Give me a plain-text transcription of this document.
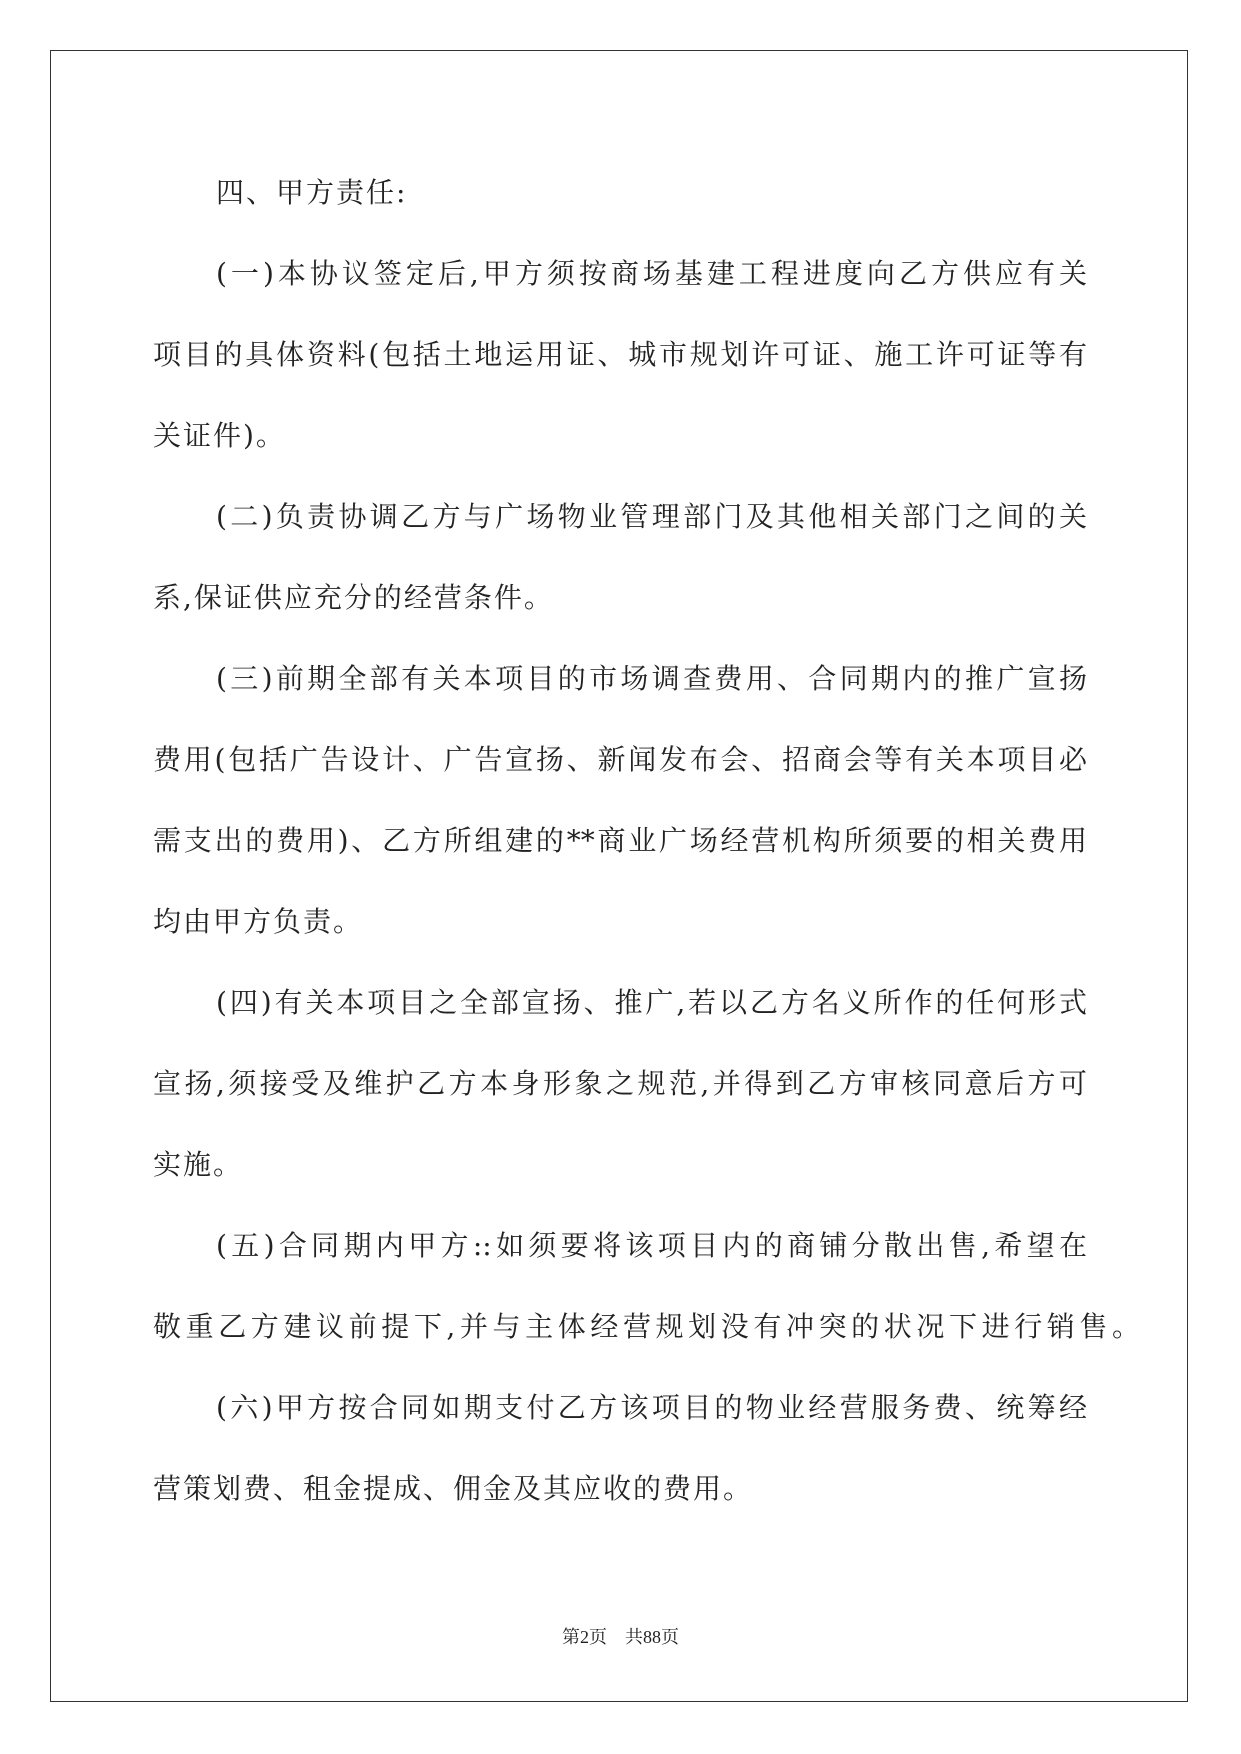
四、甲方责任:
(一)本协议签定后,甲方须按商场基建工程进度向乙方供应有关
项目的具体资料(包括土地运用证、城市规划许可证、施工许可证等有
关证件)。
(二)负责协调乙方与广场物业管理部门及其他相关部门之间的关
系,保证供应充分的经营条件。
(三)前期全部有关本项目的市场调查费用、合同期内的推广宣扬
费用(包括广告设计、广告宣扬、新闻发布会、招商会等有关本项目必
需支出的费用)、乙方所组建的**商业广场经营机构所须要的相关费用
均由甲方负责。
(四)有关本项目之全部宣扬、推广,若以乙方名义所作的任何形式
宣扬,须接受及维护乙方本身形象之规范,并得到乙方审核同意后方可
实施。
(五)合同期内甲方::如须要将该项目内的商铺分散出售,希望在
敬重乙方建议前提下,并与主体经营规划没有冲突的状况下进行销售。
(六)甲方按合同如期支付乙方该项目的物业经营服务费、统筹经
营策划费、租金提成、佣金及其应收的费用。
第2页 共88页
